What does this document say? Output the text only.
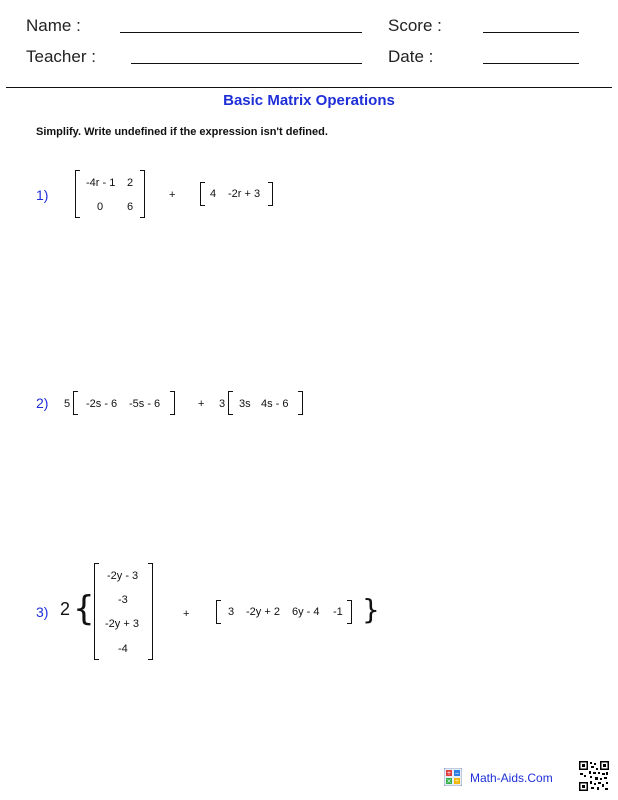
Name :
Teacher :
Score :
Date :
Basic Matrix Operations
Simplify. Write undefined if the expression isn't defined.
1)
-4r - 1 2
0 6
+	4 -2r + 3
2) 5 -2s - 6 -5s - 6	+ 3 3s 4s - 6
3) 2 {
-2y - 3
-3
-2y + 3
-4
+	3 -2y + 2 6y - 4 -1 }
+ −
× ÷ Math-Aids.Com
